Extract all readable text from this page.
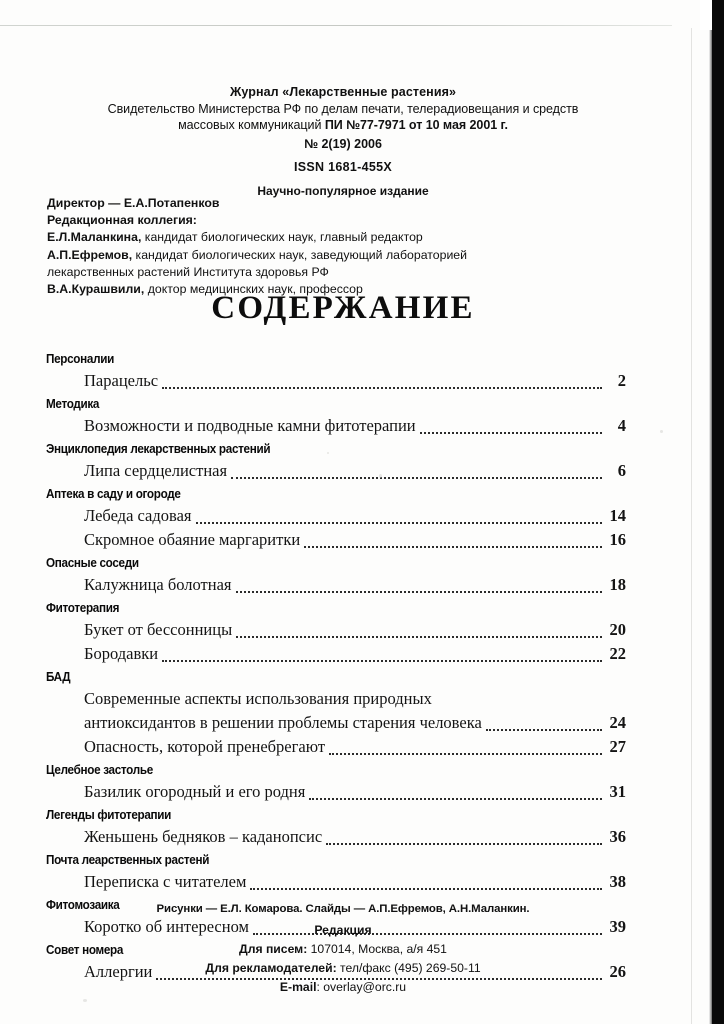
Журнал «Лекарственные растения»
Свидетельство Министерства РФ по делам печати, телерадиовещания и средств
массовых коммуникаций ПИ №77-7971 от 10 мая 2001 г.
№ 2(19) 2006
ISSN 1681-455X
Научно-популярное издание
Директор — Е.А.Потапенков
Редакционная коллегия:
Е.Л.Маланкина, кандидат биологических наук, главный редактор
А.П.Ефремов, кандидат биологических наук, заведующий лабораторией
лекарственных растений Института здоровья РФ
В.А.Курашвили, доктор медицинских наук, профессор
СОДЕРЖАНИЕ
Персоналии
Парацельс	2
Методика
Возможности и подводные камни фитотерапии	4
Энциклопедия лекарственных растений
Липа сердцелистная	6
Аптека в саду и огороде
Лебеда садовая	14
Скромное обаяние маргаритки	16
Опасные соседи
Калужница болотная	18
Фитотерапия
Букет от бессонницы	20
Бородавки	22
БАД
Современные аспекты использования природных
антиоксидантов в решении проблемы старения человека	24
Опасность, которой пренебрегают	27
Целебное застолье
Базилик огородный и его родня	31
Легенды фитотерапии
Женьшень бедняков – каданопсис	36
Почта леарственных растенй
Переписка с читателем	38
Фитомозаика
Коротко об интересном	39
Совет номера
Аллергии	26
Рисунки — Е.Л. Комарова. Слайды — А.П.Ефремов, А.Н.Маланкин.
Редакция
Для писем: 107014, Москва, а/я 451
Для рекламодателей: тел/факс (495) 269-50-11
E-mail: overlay@orc.ru
